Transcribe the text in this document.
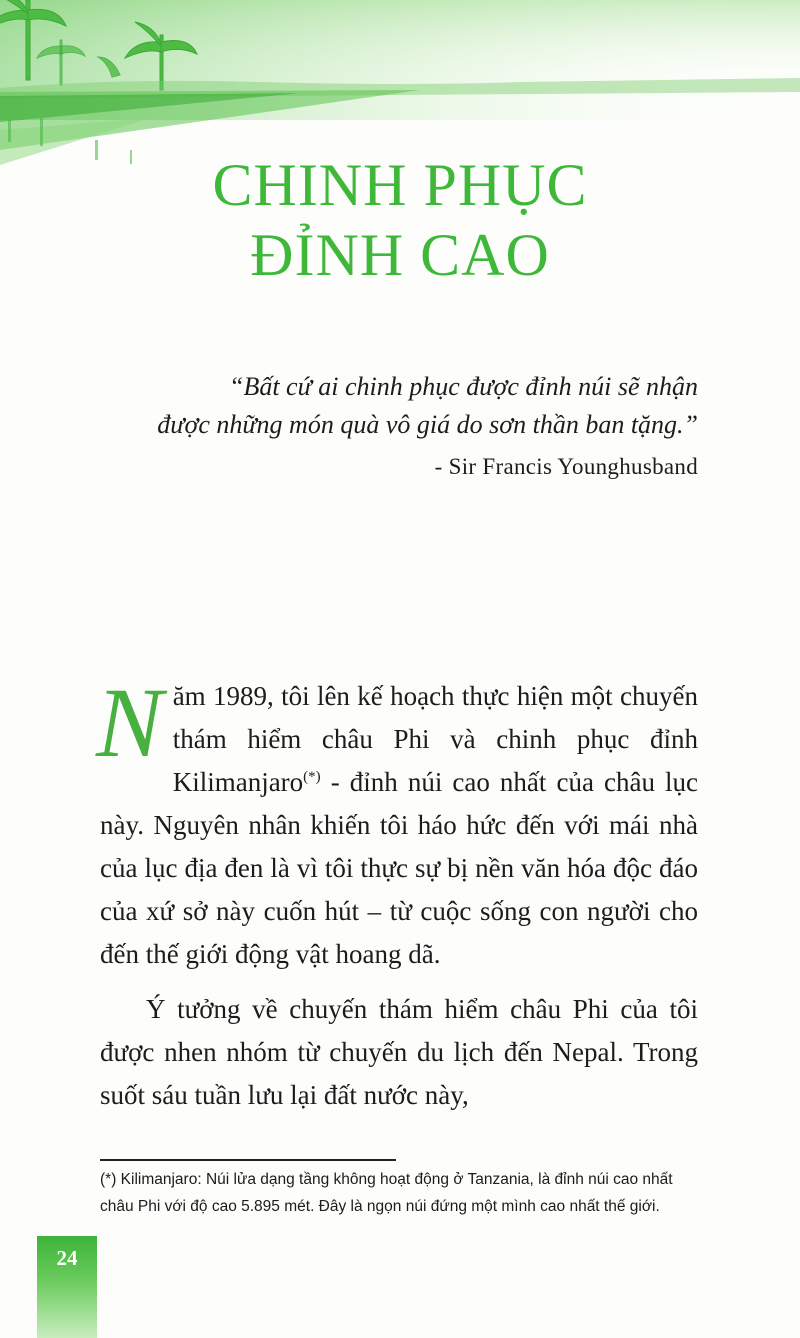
CHINH PHỤC
ĐỈNH CAO

“Bất cứ ai chinh phục được đỉnh núi sẽ nhận

được những món quà vô giá do sơn thần ban tặng.”

- Sir Francis Younghusband

Năm 1989, tôi lên kế hoạch thực hiện một chuyến thám hiểm châu Phi và chinh phục đỉnh Kilimanjaro(*) - đỉnh núi cao nhất của châu lục này. Nguyên nhân khiến tôi háo hức đến với mái nhà của lục địa đen là vì tôi thực sự bị nền văn hóa độc đáo của xứ sở này cuốn hút – từ cuộc sống con người cho đến thế giới động vật hoang dã.

Ý tưởng về chuyến thám hiểm châu Phi của tôi được nhen nhóm từ chuyến du lịch đến Nepal. Trong suốt sáu tuần lưu lại đất nước này,

(*) Kilimanjaro: Núi lửa dạng tầng không hoạt động ở Tanzania, là đỉnh núi cao nhất

châu Phi với độ cao 5.895 mét. Đây là ngọn núi đứng một mình cao nhất thế giới.

24
